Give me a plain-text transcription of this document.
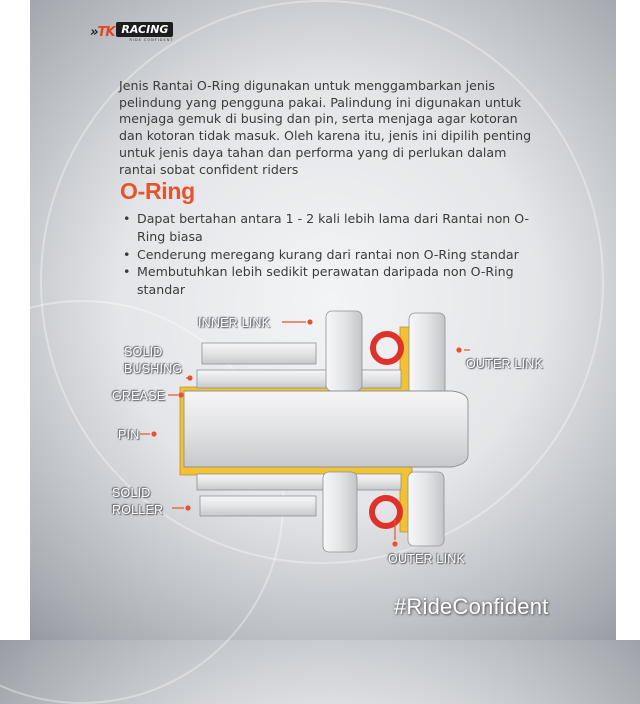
»TK RACING
RIDE CONFIDENT

Jenis Rantai O-Ring digunakan untuk menggambarkan jenis pelindung yang pengguna pakai. Palindung ini digunakan untuk menjaga gemuk di busing dan pin, serta menjaga agar kotoran dan kotoran tidak masuk. Oleh karena itu, jenis ini dipilih penting untuk jenis daya tahan dan performa yang di perlukan dalam rantai sobat confident riders

O-Ring
• Dapat bertahan antara 1 - 2 kali lebih lama dari Rantai non O-Ring biasa
• Cenderung meregang kurang dari rantai non O-Ring standar
• Membutuhkan lebih sedikit perawatan daripada non O-Ring standar
INNER LINK
SOLID
BUSHING
GREASE
PIN
SOLID
ROLLER
OUTER LINK
OUTER LINK
#RideConfident
